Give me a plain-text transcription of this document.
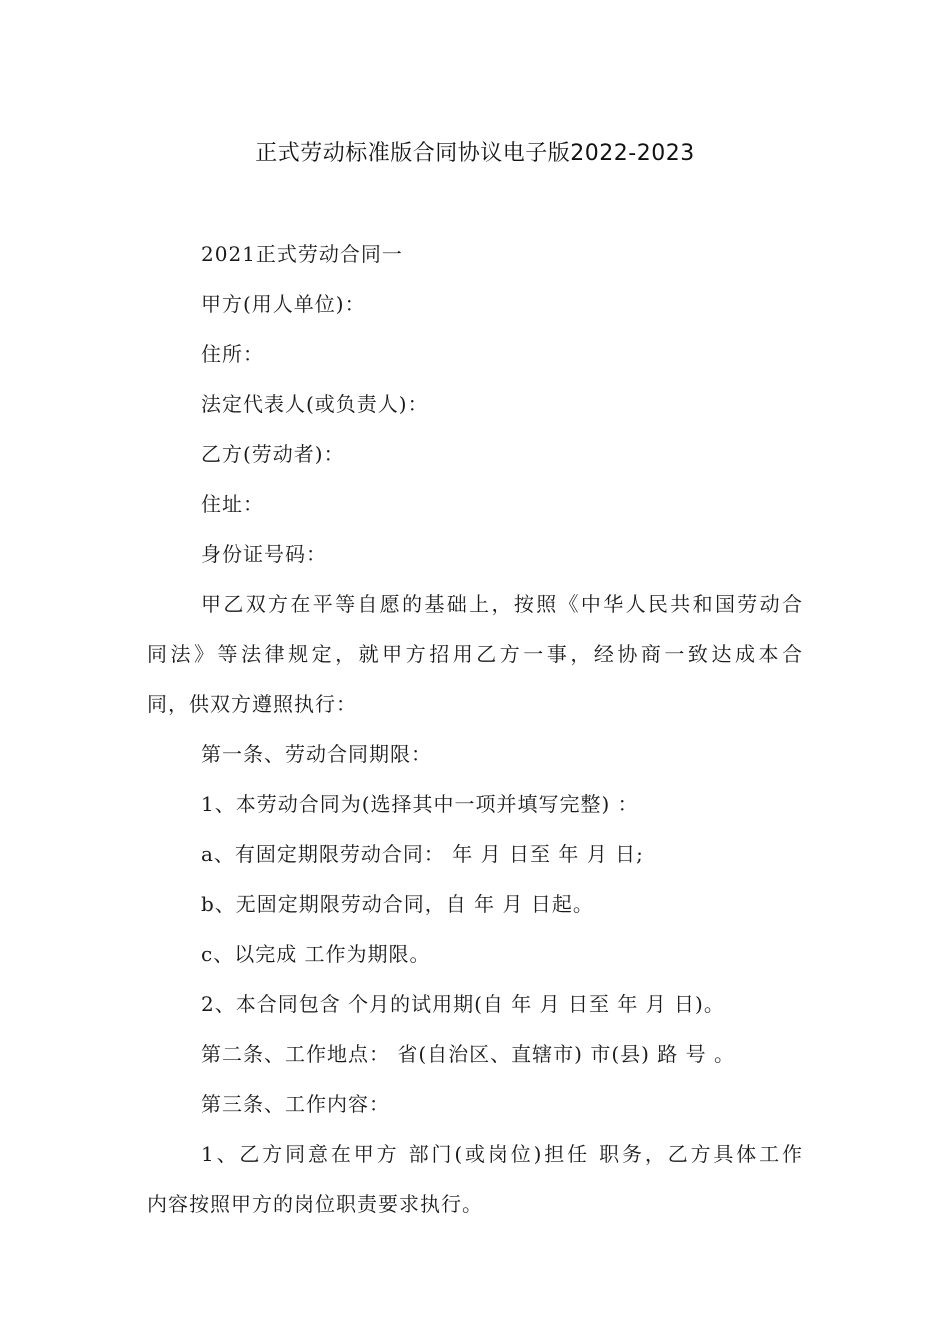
正式劳动标准版合同协议电子版2022-2023
2021正式劳动合同一
甲方(用人单位)：
住所：
法定代表人(或负责人)：
乙方(劳动者)：
住址：
身份证号码：
甲乙双方在平等自愿的基础上，按照《中华人民共和国劳动合
同法》等法律规定，就甲方招用乙方一事，经协商一致达成本合
同，供双方遵照执行：
第一条、劳动合同期限：
1、本劳动合同为(选择其中一项并填写完整) ：
a、有固定期限劳动合同： 年 月 日至 年 月 日;
b、无固定期限劳动合同，自 年 月 日起。
c、以完成 工作为期限。
2、本合同包含 个月的试用期(自 年 月 日至 年 月 日)。
第二条、工作地点： 省(自治区、直辖市) 市(县) 路 号 。
第三条、工作内容：
1、乙方同意在甲方 部门(或岗位)担任 职务，乙方具体工作
内容按照甲方的岗位职责要求执行。
